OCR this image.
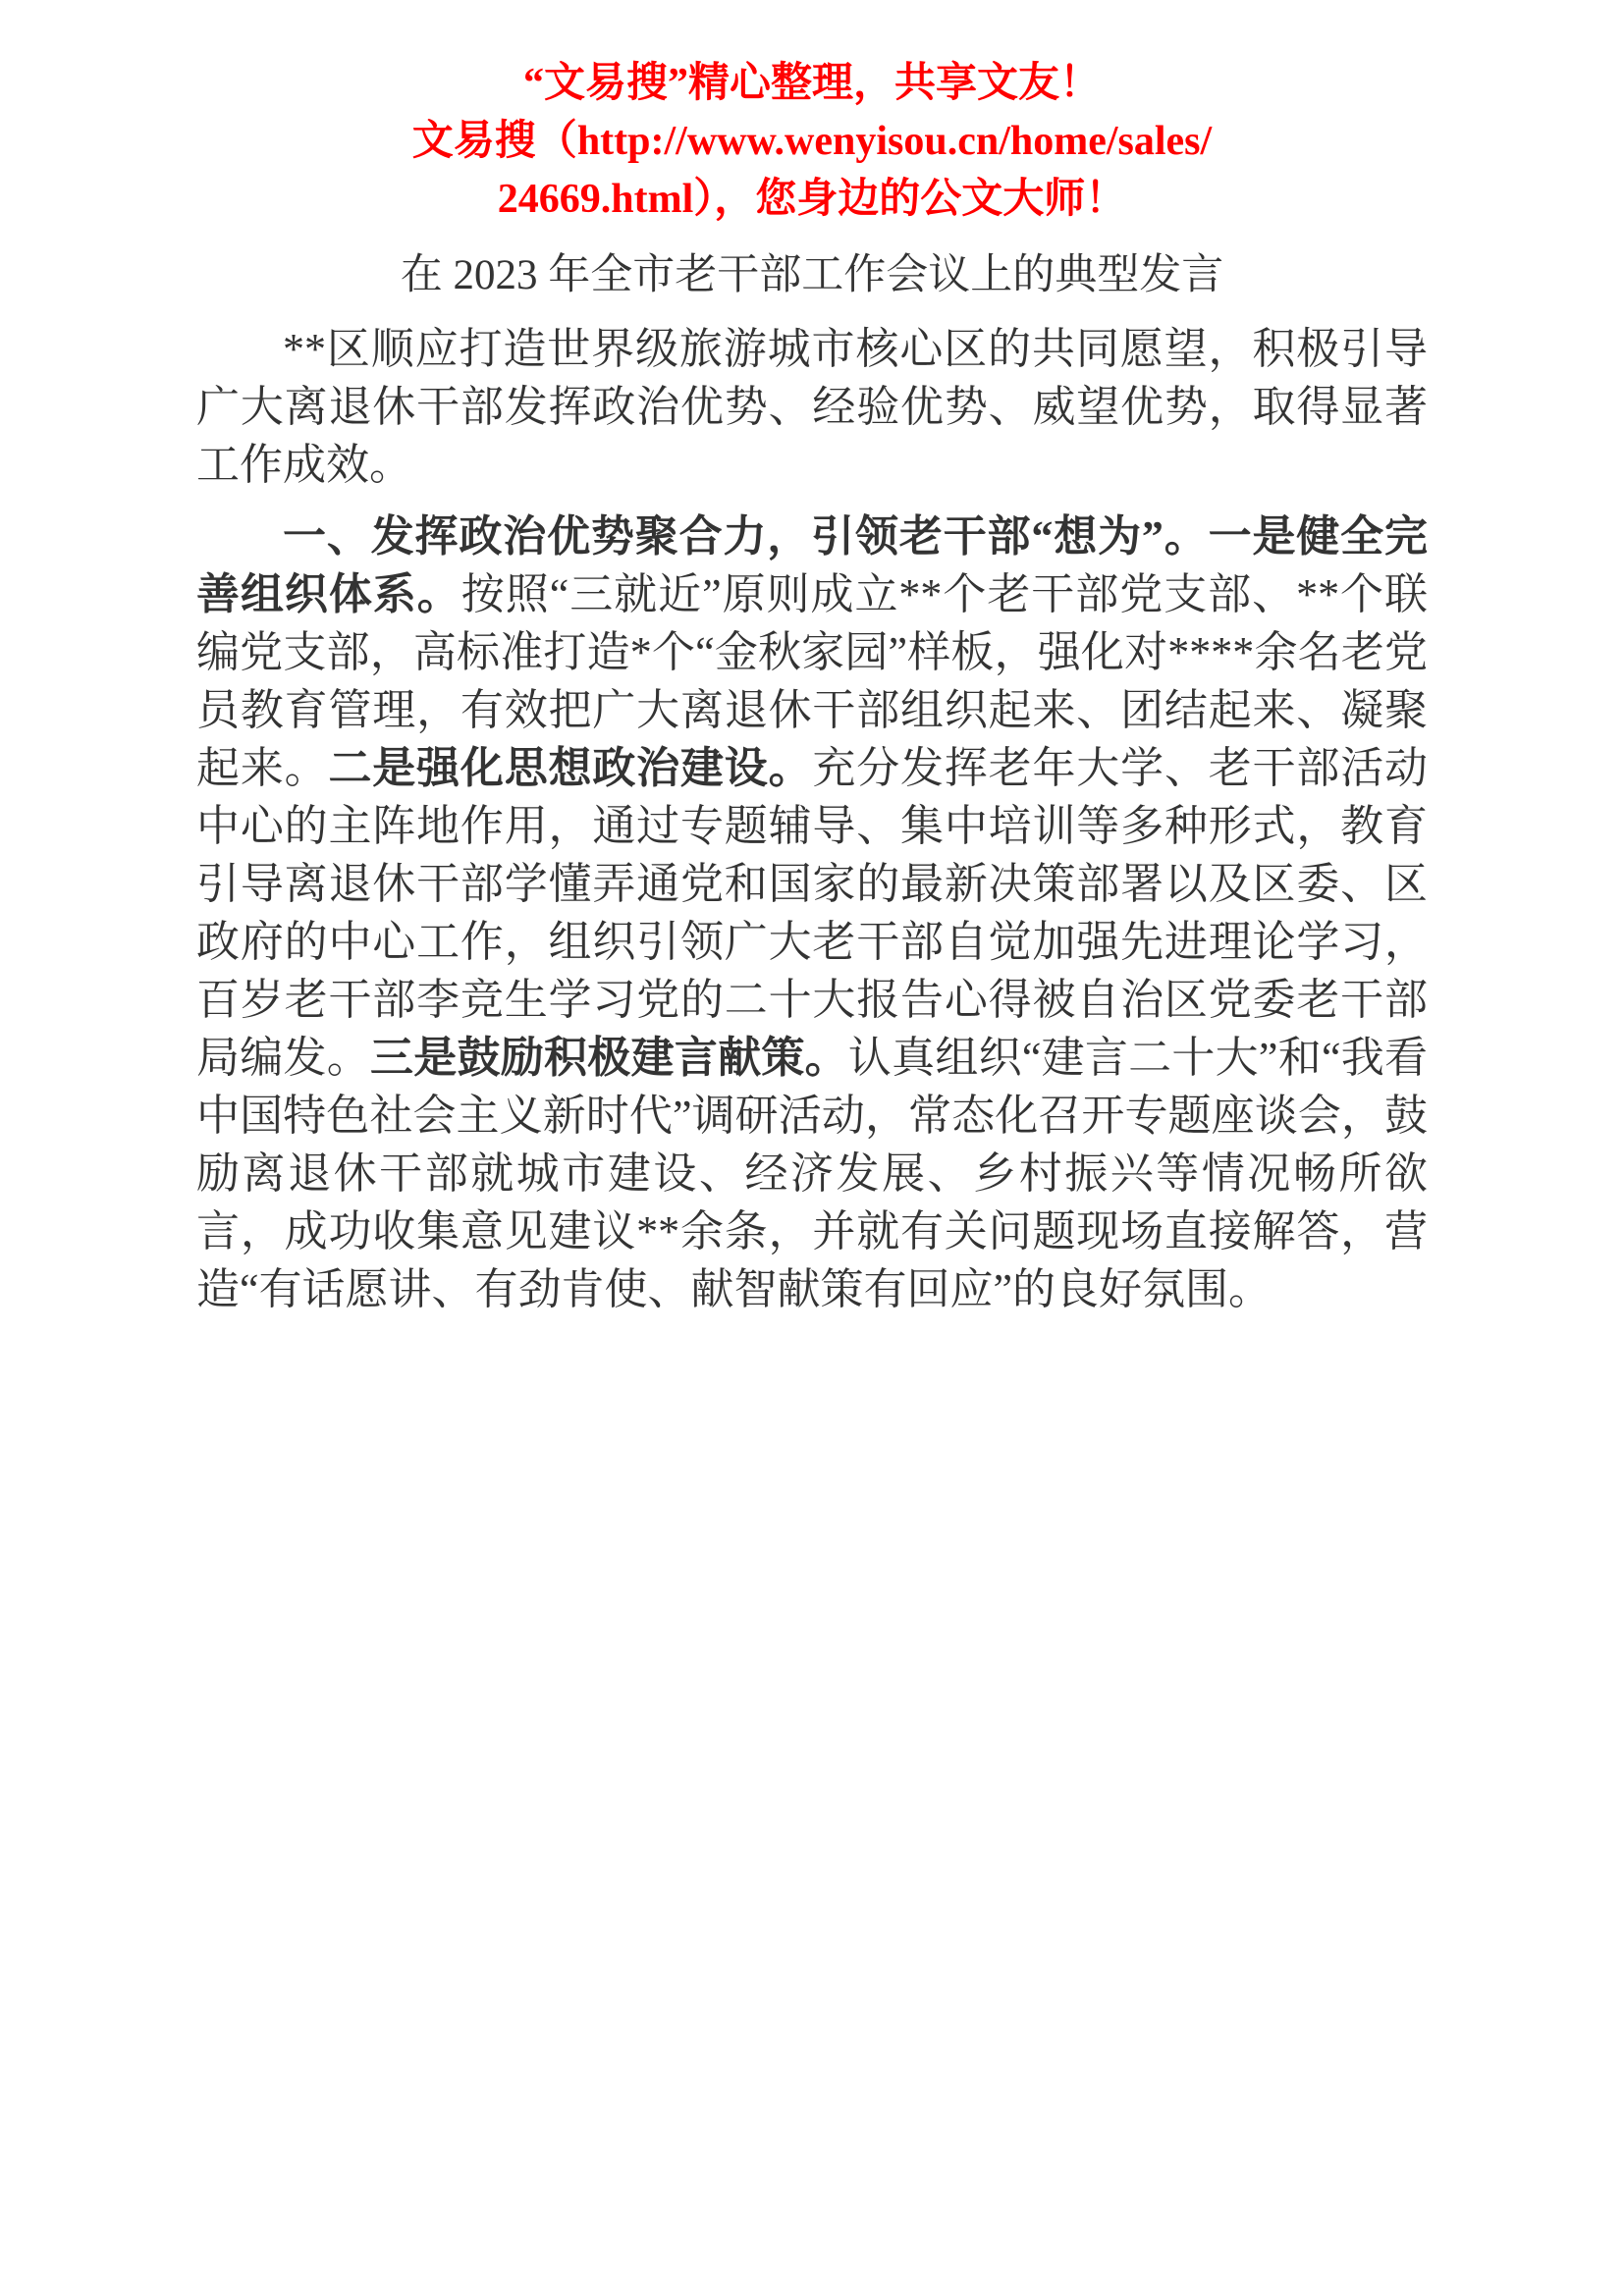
“文易搜”精心整理，共享文友！
文易搜（http://www.wenyisou.cn/home/sales/
24669.html），您身边的公文大师！
在 2023 年全市老干部工作会议上的典型发言

**区顺应打造世界级旅游城市核心区的共同愿望，积极引导广大离退休干部发挥政治优势、经验优势、威望优势，取得显著工作成效。

一、发挥政治优势聚合力，引领老干部“想为”。一是健全完善组织体系。按照“三就近”原则成立**个老干部党支部、**个联编党支部，高标准打造*个“金秋家园”样板，强化对****余名老党员教育管理，有效把广大离退休干部组织起来、团结起来、凝聚起来。二是强化思想政治建设。充分发挥老年大学、老干部活动中心的主阵地作用，通过专题辅导、集中培训等多种形式，教育引导离退休干部学懂弄通党和国家的最新决策部署以及区委、区政府的中心工作，组织引领广大老干部自觉加强先进理论学习，百岁老干部李竞生学习党的二十大报告心得被自治区党委老干部局编发。三是鼓励积极建言献策。认真组织“建言二十大”和“我看中国特色社会主义新时代”调研活动，常态化召开专题座谈会，鼓励离退休干部就城市建设、经济发展、乡村振兴等情况畅所欲言，成功收集意见建议**余条，并就有关问题现场直接解答，营造“有话愿讲、有劲肯使、献智献策有回应”的良好氛围。
